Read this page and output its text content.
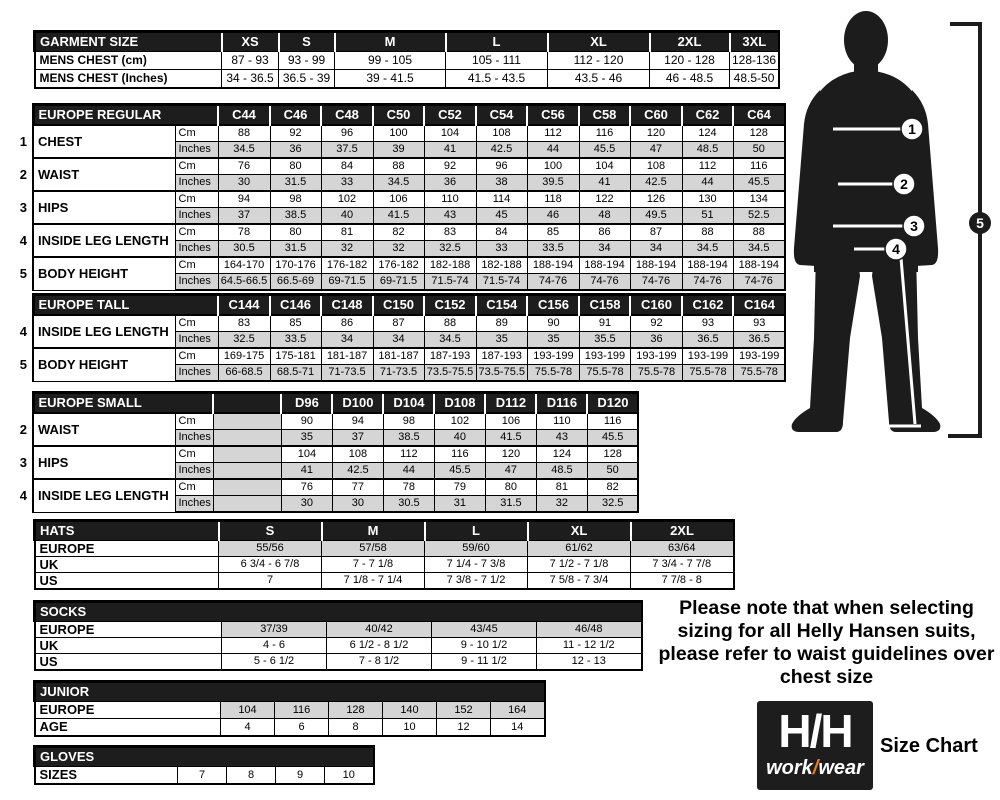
GARMENT SIZE	XS	S	M	L	XL	2XL	3XL
MENS CHEST (cm)	87 - 93	93 - 99	99 - 105	105 - 111	112 - 120	120 - 128	128-136
MENS CHEST (Inches)	34 - 36.5	36.5 - 39	39 - 41.5	41.5 - 43.5	43.5 - 46	46 - 48.5	48.5-50
	EUROPE REGULAR		C44	C46	C48	C50	C52	C54	C56	C58	C60	C62	C64
1	CHEST	Cm	88	92	96	100	104	108	112	116	120	124	128
		Inches	34.5	36	37.5	39	41	42.5	44	45.5	47	48.5	50
2	WAIST	Cm	76	80	84	88	92	96	100	104	108	112	116
		Inches	30	31.5	33	34.5	36	38	39.5	41	42.5	44	45.5
3	HIPS	Cm	94	98	102	106	110	114	118	122	126	130	134
		Inches	37	38.5	40	41.5	43	45	46	48	49.5	51	52.5
4	INSIDE LEG LENGTH	Cm	78	80	81	82	83	84	85	86	87	88	88
		Inches	30.5	31.5	32	32	32.5	33	33.5	34	34	34.5	34.5
5	BODY HEIGHT	Cm	164-170	170-176	176-182	176-182	182-188	182-188	188-194	188-194	188-194	188-194	188-194
		Inches	64.5-66.5	66.5-69	69-71.5	69-71.5	71.5-74	71.5-74	74-76	74-76	74-76	74-76	74-76
	EUROPE TALL		C144	C146	C148	C150	C152	C154	C156	C158	C160	C162	C164
4	INSIDE LEG LENGTH	Cm	83	85	86	87	88	89	90	91	92	93	93
		Inches	32.5	33.5	34	34	34.5	35	35	35.5	36	36.5	36.5
5	BODY HEIGHT	Cm	169-175	175-181	181-187	181-187	187-193	187-193	193-199	193-199	193-199	193-199	193-199
		Inches	66-68.5	68.5-71	71-73.5	71-73.5	73.5-75.5	73.5-75.5	75.5-78	75.5-78	75.5-78	75.5-78	75.5-78
	EUROPE SMALL			D96	D100	D104	D108	D112	D116	D120
2	WAIST	Cm		90	94	98	102	106	110	116
		Inches		35	37	38.5	40	41.5	43	45.5
3	HIPS	Cm		104	108	112	116	120	124	128
		Inches		41	42.5	44	45.5	47	48.5	50
4	INSIDE LEG LENGTH	Cm		76	77	78	79	80	81	82
		Inches		30	30	30.5	31	31.5	32	32.5
HATS	S	M	L	XL	2XL
EUROPE	55/56	57/58	59/60	61/62	63/64
UK	6 3/4 - 6 7/8	7 - 7 1/8	7 1/4 - 7 3/8	7 1/2 - 7 1/8	7 3/4 - 7 7/8
US	7	7 1/8 - 7 1/4	7 3/8 - 7 1/2	7 5/8 - 7 3/4	7 7/8 - 8
SOCKS				
EUROPE	37/39	40/42	43/45	46/48
UK	4 - 6	6 1/2 - 8 1/2	9 - 10 1/2	11 - 12 1/2
US	5 - 6 1/2	7 - 8 1/2	9 - 11 1/2	12 - 13
JUNIOR						
EUROPE	104	116	128	140	152	164
AGE	4	6	8	10	12	14
GLOVES
SIZES	7	8	9	10
Please note that when selecting sizing for all Helly Hansen suits, please refer to waist guidelines over chest size
H/H
work/wear
Size Chart
1
2
3
4
5
